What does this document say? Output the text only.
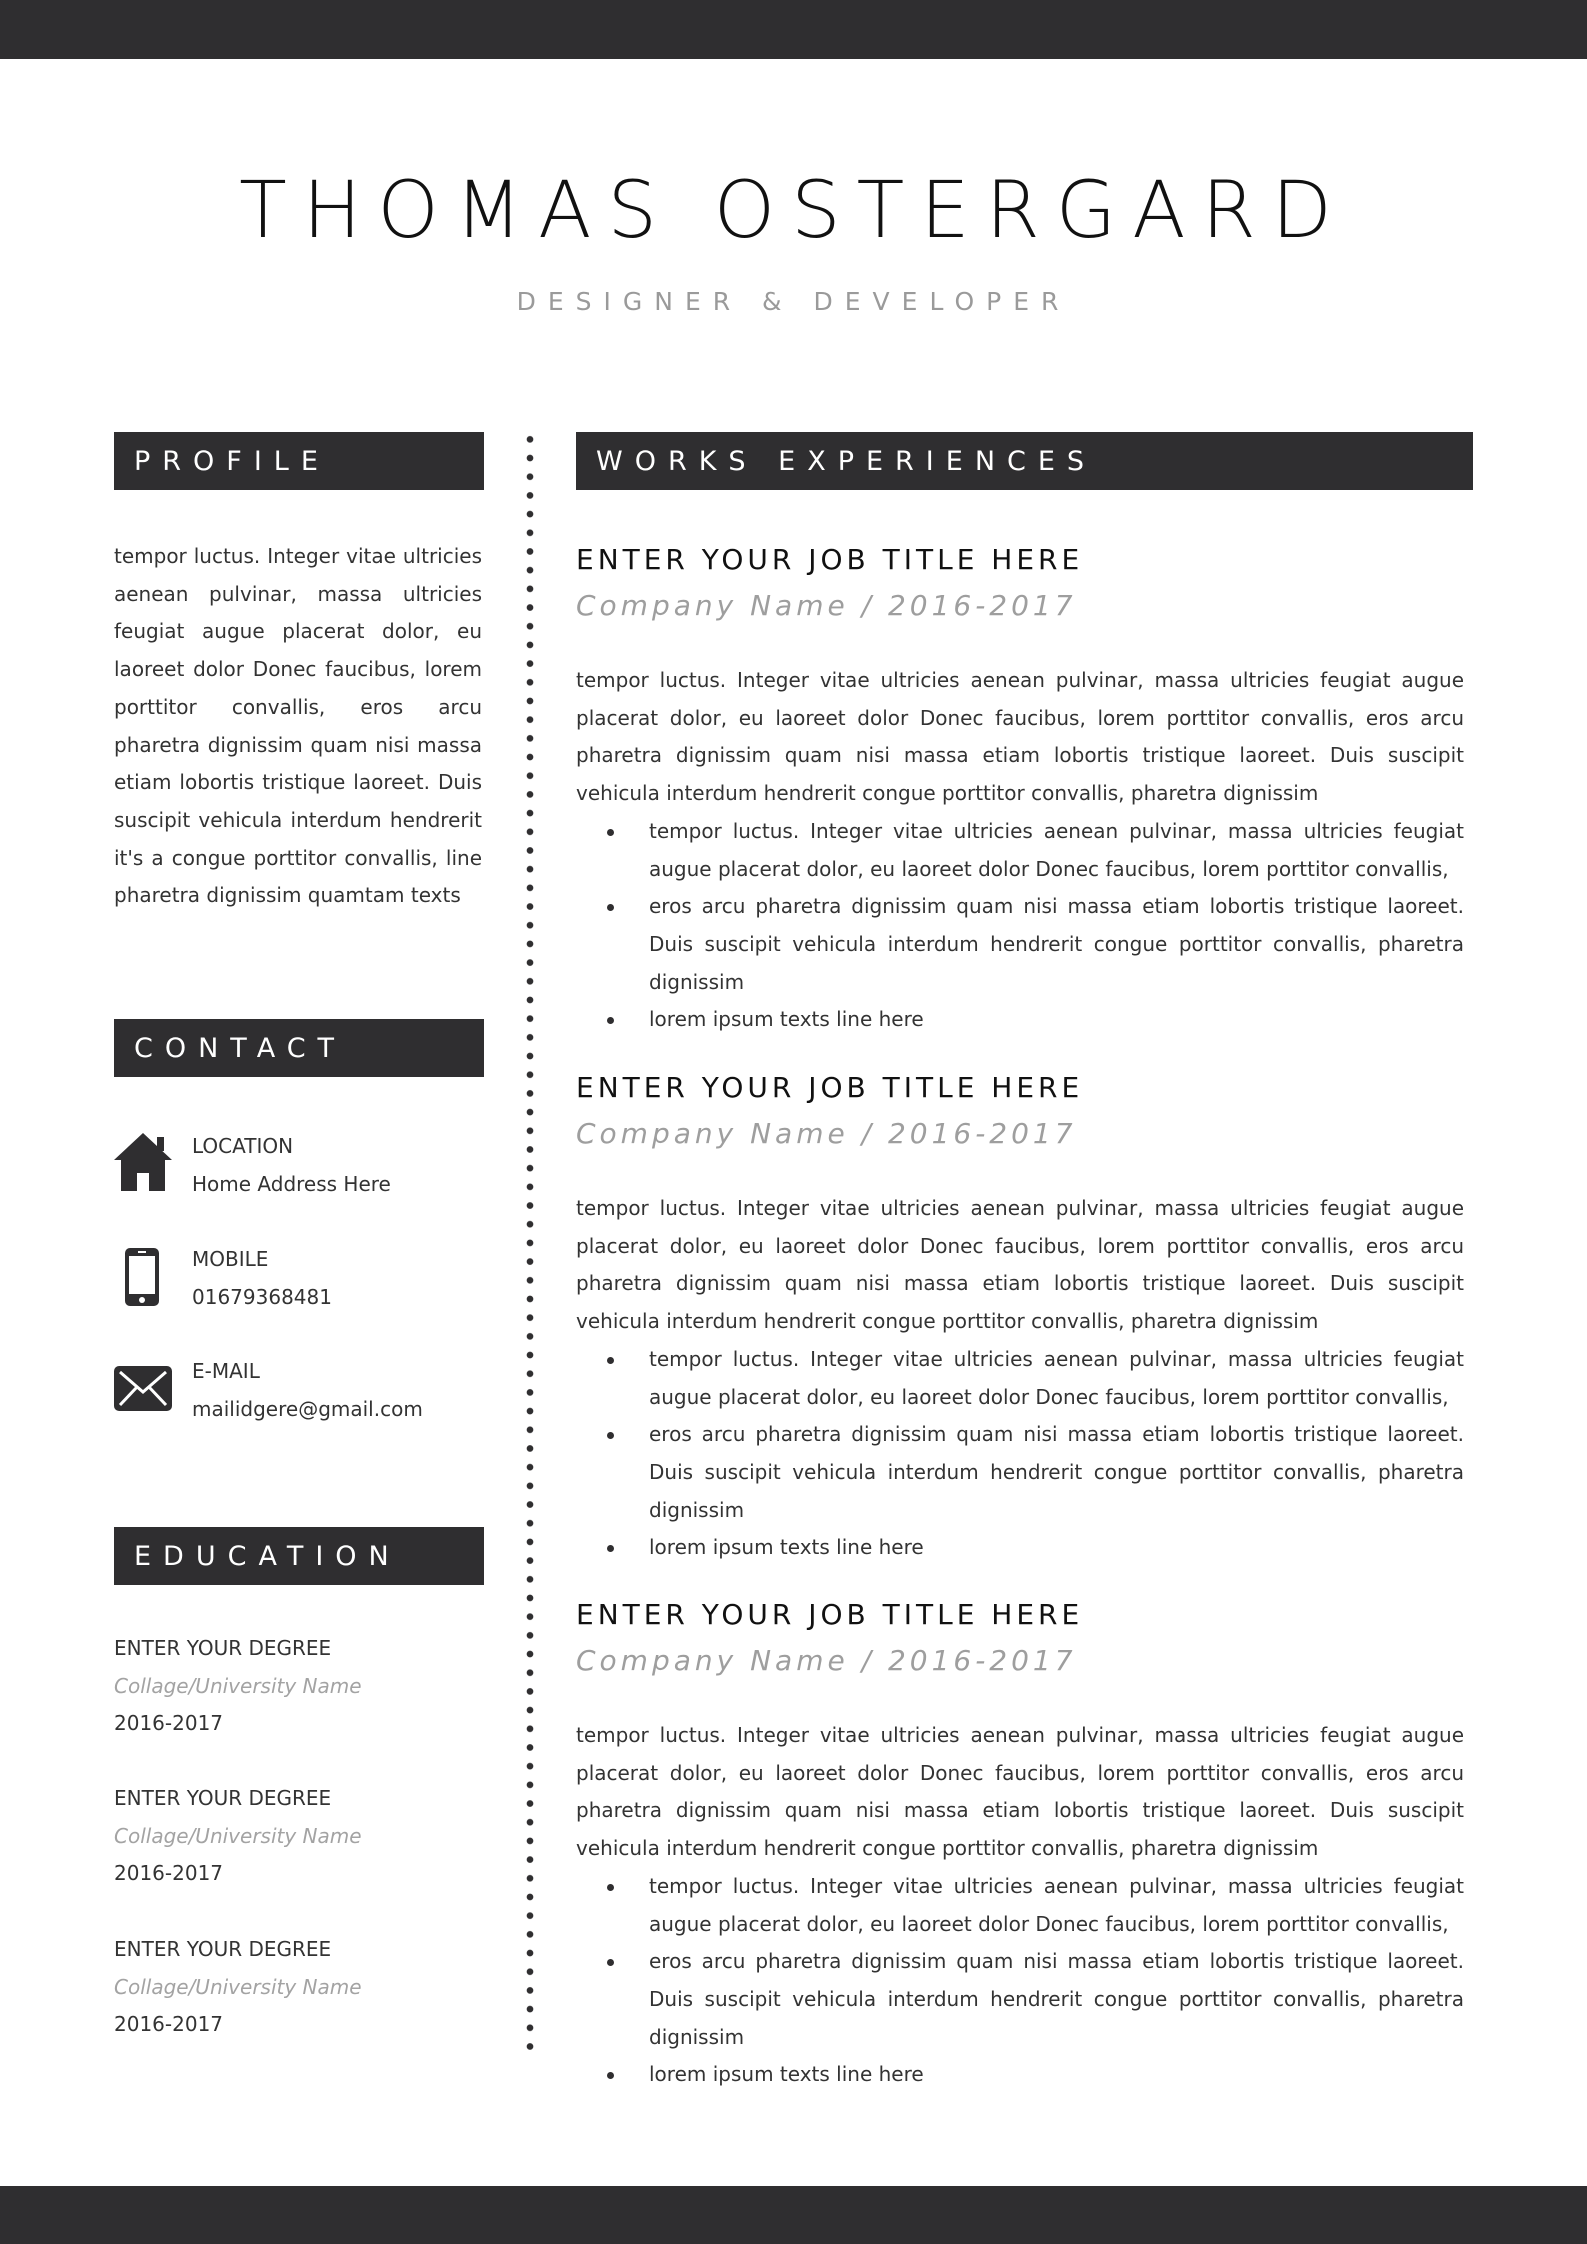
THOMAS OSTERGARD
DESIGNER & DEVELOPER
PROFILE
tempor luctus. Integer vitae ultricies aenean pulvinar, massa ultricies feugiat augue placerat dolor, eu laoreet dolor Donec faucibus, lorem porttitor convallis, eros arcu pharetra dignissim quam nisi massa etiam lobortis tristique laoreet. Duis suscipit vehicula interdum hendrerit it's a congue porttitor convallis, line pharetra dignissim quamtam texts
CONTACT
LOCATION
Home Address Here
MOBILE
01679368481
E-MAIL
mailidgere@gmail.com
EDUCATION
ENTER YOUR DEGREE
Collage/University Name
2016-2017
ENTER YOUR DEGREE
Collage/University Name
2016-2017
ENTER YOUR DEGREE
Collage/University Name
2016-2017
WORKS EXPERIENCES
ENTER YOUR JOB TITLE HERE
Company Name / 2016-2017
tempor luctus. Integer vitae ultricies aenean pulvinar, massa ultricies feugiat augue placerat dolor, eu laoreet dolor Donec faucibus, lorem porttitor convallis, eros arcu pharetra dignissim quam nisi massa etiam lobortis tristique laoreet. Duis suscipit vehicula interdum hendrerit congue porttitor convallis, pharetra dignissim
tempor luctus. Integer vitae ultricies aenean pulvinar, massa ultricies feugiat augue placerat dolor, eu laoreet dolor Donec faucibus, lorem porttitor convallis,
eros arcu pharetra dignissim quam nisi massa etiam lobortis tristique laoreet. Duis suscipit vehicula interdum hendrerit congue porttitor convallis, pharetra dignissim
lorem ipsum texts line here
ENTER YOUR JOB TITLE HERE
Company Name / 2016-2017
tempor luctus. Integer vitae ultricies aenean pulvinar, massa ultricies feugiat augue placerat dolor, eu laoreet dolor Donec faucibus, lorem porttitor convallis, eros arcu pharetra dignissim quam nisi massa etiam lobortis tristique laoreet. Duis suscipit vehicula interdum hendrerit congue porttitor convallis, pharetra dignissim
tempor luctus. Integer vitae ultricies aenean pulvinar, massa ultricies feugiat augue placerat dolor, eu laoreet dolor Donec faucibus, lorem porttitor convallis,
eros arcu pharetra dignissim quam nisi massa etiam lobortis tristique laoreet. Duis suscipit vehicula interdum hendrerit congue porttitor convallis, pharetra dignissim
lorem ipsum texts line here
ENTER YOUR JOB TITLE HERE
Company Name / 2016-2017
tempor luctus. Integer vitae ultricies aenean pulvinar, massa ultricies feugiat augue placerat dolor, eu laoreet dolor Donec faucibus, lorem porttitor convallis, eros arcu pharetra dignissim quam nisi massa etiam lobortis tristique laoreet. Duis suscipit vehicula interdum hendrerit congue porttitor convallis, pharetra dignissim
tempor luctus. Integer vitae ultricies aenean pulvinar, massa ultricies feugiat augue placerat dolor, eu laoreet dolor Donec faucibus, lorem porttitor convallis,
eros arcu pharetra dignissim quam nisi massa etiam lobortis tristique laoreet. Duis suscipit vehicula interdum hendrerit congue porttitor convallis, pharetra dignissim
lorem ipsum texts line here
